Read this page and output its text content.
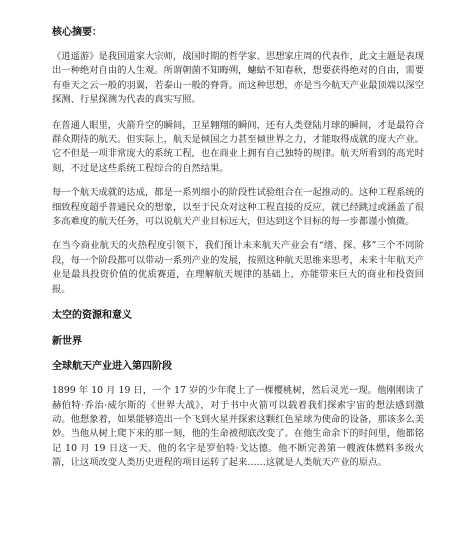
核心摘要：

《逍遥游》是我国道家大宗师，战国时期的哲学家、思想家庄周的代表作，此文主题是表现出一种绝对自由的人生观。所谓朝菌不知晦朔，蟪蛄不知春秋，想要获得绝对的自由，需要有垂天之云一般的羽翼，若泰山一般的脊背。而这种思想，亦是当今航天产业最顶端以深空探测、行星探测为代表的真实写照。

在普通人眼里，火箭升空的瞬间，卫星翱翔的瞬间，还有人类登陆月球的瞬间，才是最符合群众期待的航天。但实际上，航天是倾国之力甚至倾世界之力，才能取得成就的庞大产业。它不但是一项非常庞大的系统工程，也在商业上拥有自己独特的规律。航天所看到的高光时刻，不过是这些系统工程综合的自然结果。

每一个航天成就的达成，都是一系列细小的阶段性试验组合在一起推动的。这种工程系统的细致程度超乎普通民众的想象，以至于民众对这种工程直接的反应，就已经跳过或涵盖了很多高难度的航天任务，可以说航天产业目标远大，但达到这个目标的每一步都谨小慎微。

在当今商业航天的火热程度引领下，我们预计未来航天产业会有“缮、探、移”三个不同阶段，每一个阶段都可以带动一系列产业的发展，按照这种航天思维来思考，未来十年航天产业是最具投资价值的优质赛道，在理解航天规律的基础上，亦能带来巨大的商业和投资回报。

太空的资源和意义

新世界

全球航天产业进入第四阶段

1899 年 10 月 19 日，一个 17 岁的少年爬上了一棵樱桃树，然后灵光一现。他刚刚读了赫伯特·乔治·威尔斯的《世界大战》，对于书中火箭可以载着我们探索宇宙的想法感到激动。他想象着，如果能够造出一个飞到火星并探索这颗红色星球为使命的设备，那该多么美妙。当他从树上爬下来的那一刻，他的生命被彻底改变了。在他生命余下的时间里，他都铭记 10 月 19 日这一天。他的名字是罗伯特·戈达德。他不断完善第一艘液体燃料多级火箭，让这项改变人类历史进程的项目运转了起来……这就是人类航天产业的原点。
